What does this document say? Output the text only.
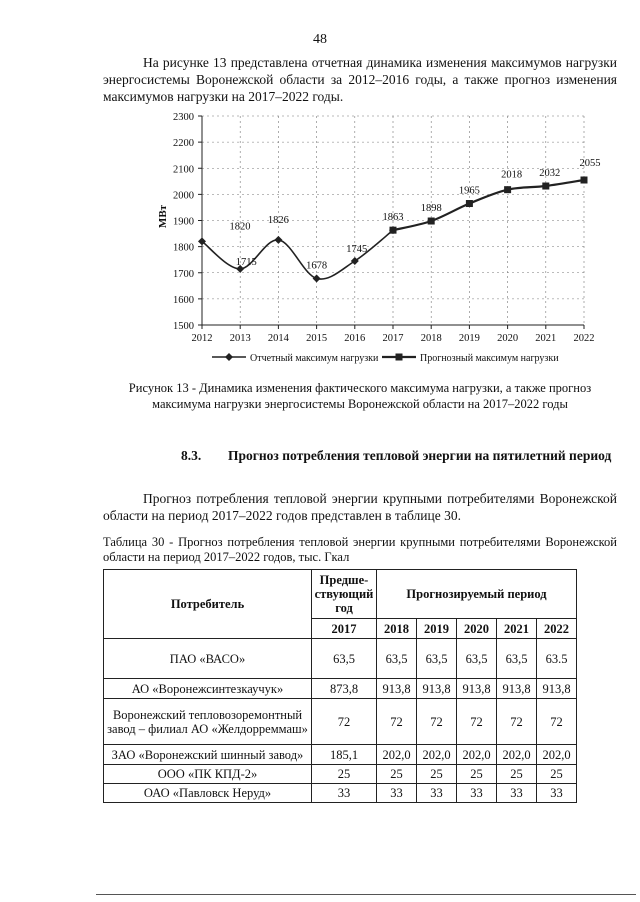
48

На рисунке 13 представлена отчетная динамика изменения максимумов нагрузки энергосистемы Воронежской области за 2012–2016 годы, а также прогноз изменения максимумов нагрузки на 2017–2022 годы.

1500
1600
1700
1800
1900
2000
2100
2200
2300
2012 2013 2014 2015 2016 2017 2018 2019 2020 2021 2022
МВт	1820
1715
1826
1678
1745
1863
1898
1965
2018 2032
2055
Отчетный максимум нагрузки	Прогнозный максимум нагрузки
Рисунок 13 - Динамика изменения фактического максимума нагрузки, а также прогноз максимума нагрузки энергосистемы Воронежской области на 2017–2022 годы
8.3. Прогноз потребления тепловой энергии на пятилетний период

Прогноз потребления тепловой энергии крупными потребителями Воронежской области на период 2017–2022 годов представлен в таблице 30.

Таблица 30 - Прогноз потребления тепловой энергии крупными потребителями Воронежской области на период 2017–2022 годов, тыс. Гкал
Потребитель	Предше-ствующий год	Прогнозируемый период				
	2017	2018	2019	2020	2021	2022
ПАО «ВАСО»	63,5	63,5	63,5	63,5	63,5	63.5
АО «Воронежсинтезкаучук»	873,8	913,8	913,8	913,8	913,8	913,8
Воронежский тепловозоремонтный завод – филиал АО «Желдорреммаш»	72	72	72	72	72	72
ЗАО «Воронежский шинный завод»	185,1	202,0	202,0	202,0	202,0	202,0
ООО «ПК КПД-2»	25	25	25	25	25	25
ОАО «Павловск Неруд»	33	33	33	33	33	33
